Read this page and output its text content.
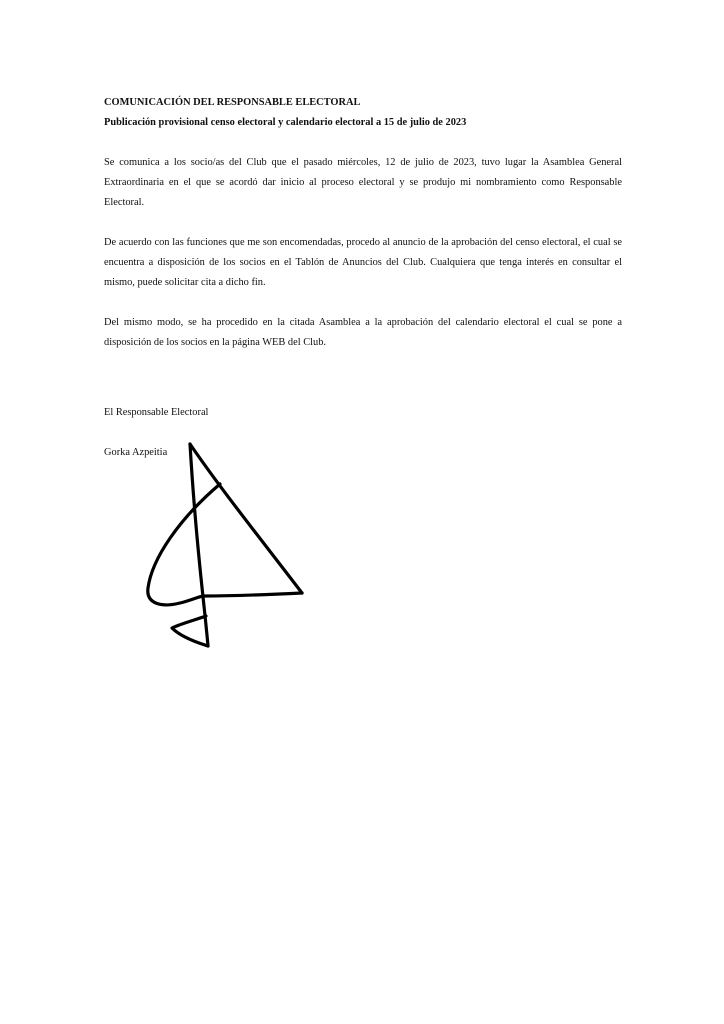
COMUNICACIÓN DEL RESPONSABLE ELECTORAL

Publicación provisional censo electoral y calendario electoral a 15 de julio de 2023

Se comunica a los socio/as del Club que el pasado miércoles, 12 de julio de 2023, tuvo lugar la Asamblea General Extraordinaria en el que se acordó dar inicio al proceso electoral y se produjo mi nombramiento como Responsable Electoral.

De acuerdo con las funciones que me son encomendadas, procedo al anuncio de la aprobación del censo electoral, el cual se encuentra a disposición de los socios en el Tablón de Anuncios del Club. Cualquiera que tenga interés en consultar el mismo, puede solicitar cita a dicho fin.

Del mismo modo, se ha procedido en la citada Asamblea a la aprobación del calendario electoral el cual se pone a disposición de los socios en la página WEB del Club.

El Responsable Electoral

Gorka Azpeitia
